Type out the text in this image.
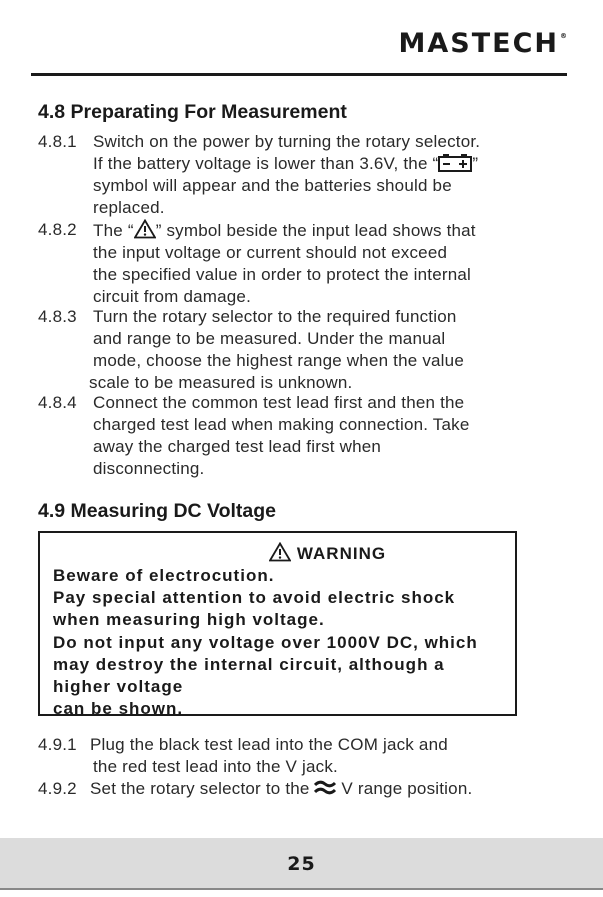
MASTECH®
4.8 Preparating For Measurement
4.8.1 Switch on the power by turning the rotary selector.
If the battery voltage is lower than 3.6V, the “ ”
symbol will appear and the batteries should be
replaced.
4.8.2 The “ ” symbol beside the input lead shows that
the input voltage or current should not exceed
the specified value in order to protect the internal
circuit from damage.
4.8.3 Turn the rotary selector to the required function
and range to be measured. Under the manual
mode, choose the highest range when the value
scale to be measured is unknown.
4.8.4 Connect the common test lead first and then the
charged test lead when making connection. Take
away the charged test lead first when
disconnecting.
4.9 Measuring DC Voltage
WARNING
Beware of electrocution.
Pay special attention to avoid electric shock
when measuring high voltage.
Do not input any voltage over 1000V DC, which
may destroy the internal circuit, although a
higher voltage
can be shown.
4.9.1 Plug the black test lead into the COM jack and
the red test lead into the V jack.
4.9.2 Set the rotary selector to the  V range position.
25
